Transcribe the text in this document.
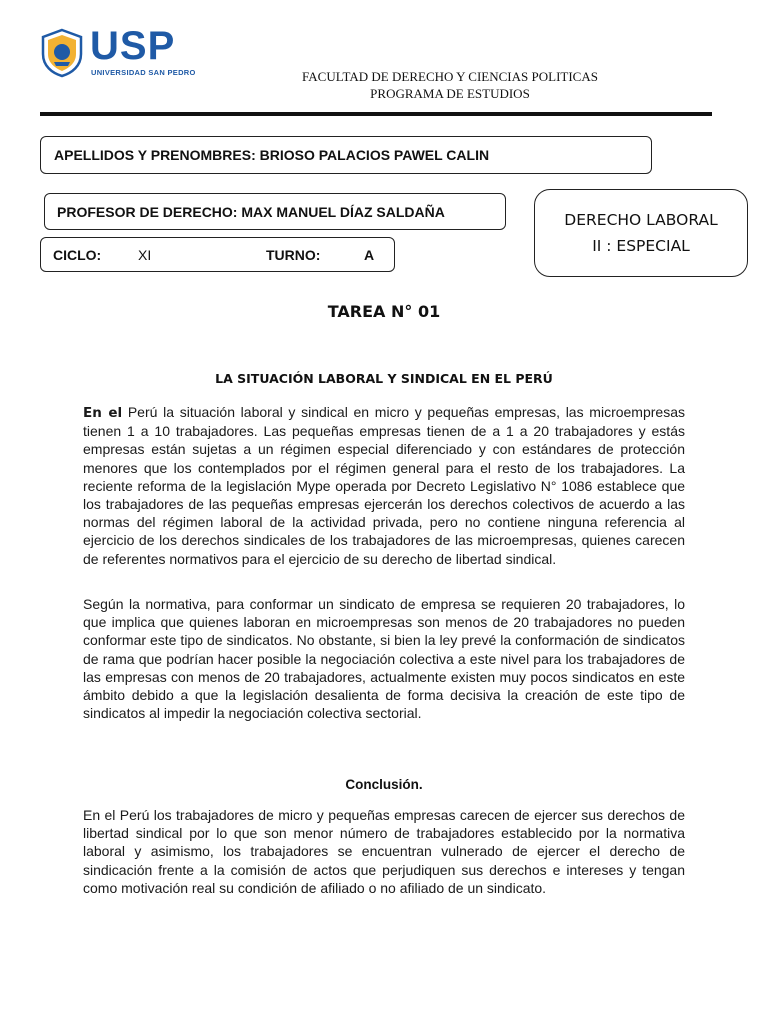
USP
UNIVERSIDAD SAN PEDRO	FACULTAD DE DERECHO Y CIENCIAS POLITICAS
PROGRAMA DE ESTUDIOS
APELLIDOS Y PRENOMBRES: BRIOSO PALACIOS PAWEL CALIN
PROFESOR DE DERECHO: MAX MANUEL DÍAZ SALDAÑA
CICLO:	XI	TURNO:	A
DERECHO LABORAL
II : ESPECIAL
TAREA N° 01
LA SITUACIÓN LABORAL Y SINDICAL EN EL PERÚ

En el Perú la situación laboral y sindical en micro y pequeñas empresas, las microempresas tienen 1 a 10 trabajadores. Las pequeñas empresas tienen de a 1 a 20 trabajadores y estás empresas están sujetas a un régimen especial diferenciado y con estándares de protección menores que los contemplados por el régimen general para el resto de los trabajadores. La reciente reforma de la legislación Mype operada por Decreto Legislativo N° 1086 establece que los trabajadores de las pequeñas empresas ejercerán los derechos colectivos de acuerdo a las normas del régimen laboral de la actividad privada, pero no contiene ninguna referencia al ejercicio de los derechos sindicales de los trabajadores de las microempresas, quienes carecen de referentes normativos para el ejercicio de su derecho de libertad sindical.

Según la normativa, para conformar un sindicato de empresa se requieren 20 trabajadores, lo que implica que quienes laboran en microempresas son menos de 20 trabajadores no pueden conformar este tipo de sindicatos. No obstante, si bien la ley prevé la conformación de sindicatos de rama que podrían hacer posible la negociación colectiva a este nivel para los trabajadores de las empresas con menos de 20 trabajadores, actualmente existen muy pocos sindicatos en este ámbito debido a que la legislación desalienta de forma decisiva la creación de este tipo de sindicatos al impedir la negociación colectiva sectorial.

Conclusión.

En el Perú los trabajadores de micro y pequeñas empresas carecen de ejercer sus derechos de libertad sindical por lo que son menor número de trabajadores establecido por la normativa laboral y asimismo, los trabajadores se encuentran vulnerado de ejercer el derecho de sindicación frente a la comisión de actos que perjudiquen sus derechos e intereses y tengan como motivación real su condición de afiliado o no afiliado de un sindicato.
